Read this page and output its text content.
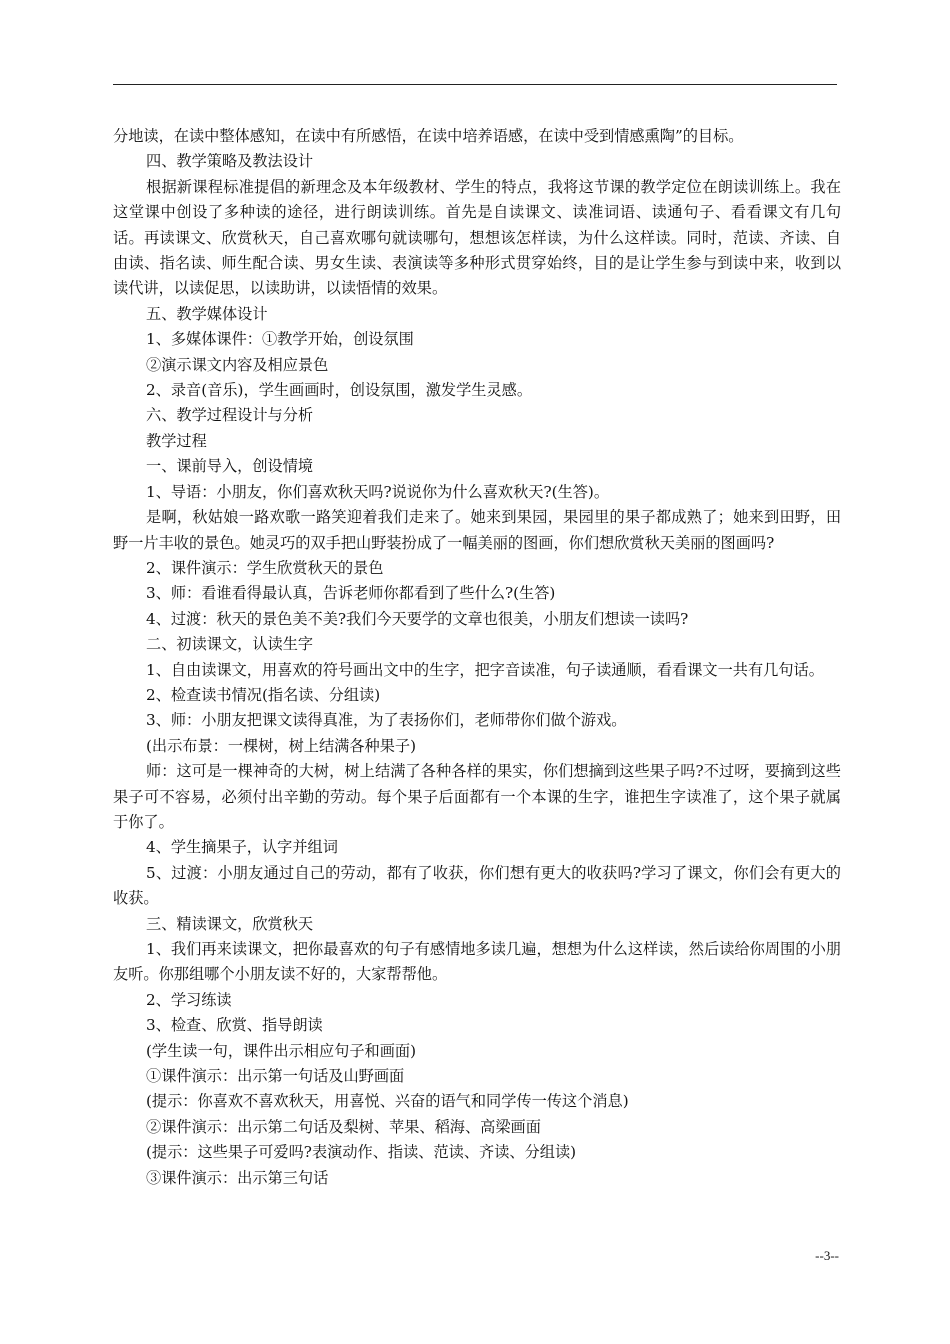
分地读，在读中整体感知，在读中有所感悟，在读中培养语感，在读中受到情感熏陶”的目标。

四、教学策略及教法设计

根据新课程标准提倡的新理念及本年级教材、学生的特点，我将这节课的教学定位在朗读训练上。我在这堂课中创设了多种读的途径，进行朗读训练。首先是自读课文、读准词语、读通句子、看看课文有几句话。再读课文、欣赏秋天，自己喜欢哪句就读哪句，想想该怎样读，为什么这样读。同时，范读、齐读、自由读、指名读、师生配合读、男女生读、表演读等多种形式贯穿始终，目的是让学生参与到读中来，收到以读代讲，以读促思，以读助讲，以读悟情的效果。

五、教学媒体设计

1、多媒体课件：①教学开始，创设氛围

②演示课文内容及相应景色

2、录音(音乐)，学生画画时，创设氛围，激发学生灵感。

六、教学过程设计与分析

教学过程

一、课前导入，创设情境

1、导语：小朋友，你们喜欢秋天吗?说说你为什么喜欢秋天?(生答)。

是啊，秋姑娘一路欢歌一路笑迎着我们走来了。她来到果园，果园里的果子都成熟了；她来到田野，田野一片丰收的景色。她灵巧的双手把山野装扮成了一幅美丽的图画，你们想欣赏秋天美丽的图画吗?

2、课件演示：学生欣赏秋天的景色

3、师：看谁看得最认真，告诉老师你都看到了些什么?(生答)

4、过渡：秋天的景色美不美?我们今天要学的文章也很美，小朋友们想读一读吗?

二、初读课文，认读生字

1、自由读课文，用喜欢的符号画出文中的生字，把字音读准，句子读通顺，看看课文一共有几句话。

2、检查读书情况(指名读、分组读)

3、师：小朋友把课文读得真准，为了表扬你们，老师带你们做个游戏。

(出示布景：一棵树，树上结满各种果子)

师：这可是一棵神奇的大树，树上结满了各种各样的果实，你们想摘到这些果子吗?不过呀，要摘到这些果子可不容易，必须付出辛勤的劳动。每个果子后面都有一个本课的生字，谁把生字读准了，这个果子就属于你了。

4、学生摘果子，认字并组词

5、过渡：小朋友通过自己的劳动，都有了收获，你们想有更大的收获吗?学习了课文，你们会有更大的收获。

三、精读课文，欣赏秋天

1、我们再来读课文，把你最喜欢的句子有感情地多读几遍，想想为什么这样读，然后读给你周围的小朋友听。你那组哪个小朋友读不好的，大家帮帮他。

2、学习练读

3、检查、欣赏、指导朗读

(学生读一句，课件出示相应句子和画面)

①课件演示：出示第一句话及山野画面

(提示：你喜欢不喜欢秋天，用喜悦、兴奋的语气和同学传一传这个消息)

②课件演示：出示第二句话及梨树、苹果、稻海、高梁画面

(提示：这些果子可爱吗?表演动作、指读、范读、齐读、分组读)

③课件演示：出示第三句话

--3--
